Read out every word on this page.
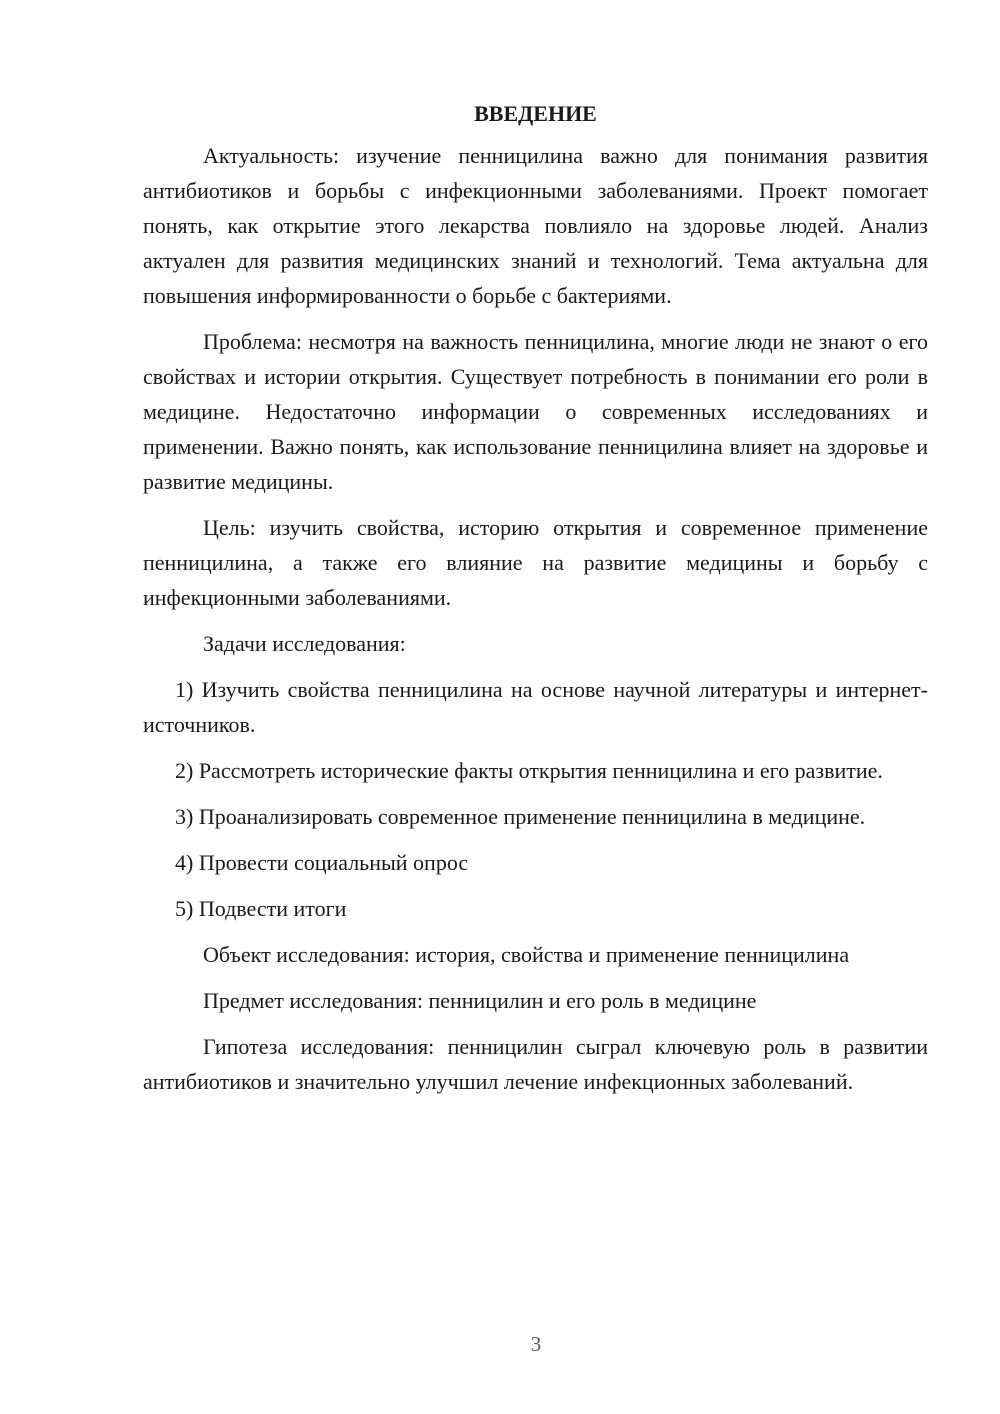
ВВЕДЕНИЕ

Актуальность: изучение пенницилина важно для понимания развития антибиотиков и борьбы с инфекционными заболеваниями. Проект помогает понять, как открытие этого лекарства повлияло на здоровье людей. Анализ актуален для развития медицинских знаний и технологий. Тема актуальна для повышения информированности о борьбе с бактериями.

Проблема: несмотря на важность пенницилина, многие люди не знают о его свойствах и истории открытия. Существует потребность в понимании его роли в медицине. Недостаточно информации о современных исследованиях и применении. Важно понять, как использование пенницилина влияет на здоровье и развитие медицины.

Цель: изучить свойства, историю открытия и современное применение пенницилина, а также его влияние на развитие медицины и борьбу с инфекционными заболеваниями.

Задачи исследования:

1) Изучить свойства пенницилина на основе научной литературы и интернет-источников.

2) Рассмотреть исторические факты открытия пенницилина и его развитие.

3) Проанализировать современное применение пенницилина в медицине.

4) Провести социальный опрос

5) Подвести итоги

Объект исследования: история, свойства и применение пенницилина

Предмет исследования: пенницилин и его роль в медицине

Гипотеза исследования: пенницилин сыграл ключевую роль в развитии антибиотиков и значительно улучшил лечение инфекционных заболеваний.

3
